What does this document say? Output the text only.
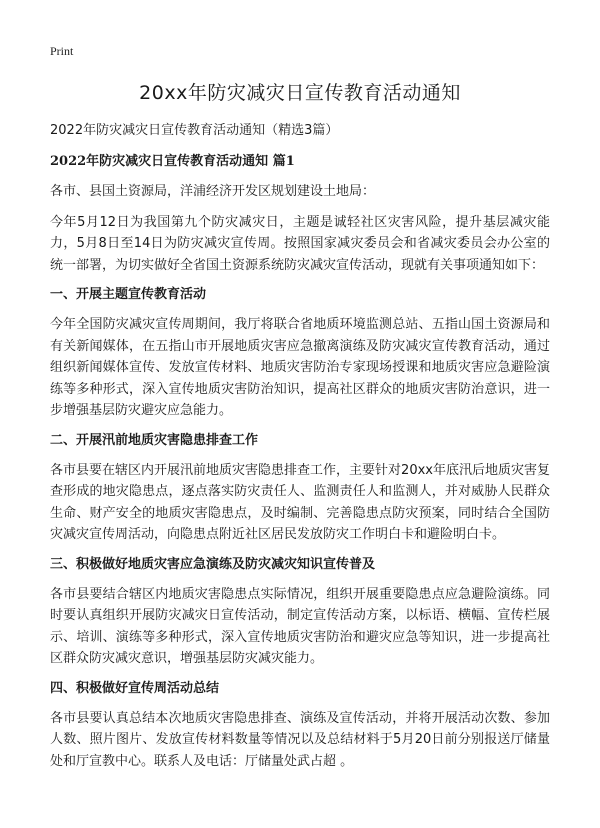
Print
20xx年防灾减灾日宣传教育活动通知

2022年防灾减灾日宣传教育活动通知（精选3篇）

2022年防灾减灾日宣传教育活动通知 篇1

各市、县国土资源局，洋浦经济开发区规划建设土地局：

今年5月12日为我国第九个防灾减灾日，主题是诚轻社区灾害风险，提升基层减灾能力，5月8日至14日为防灾减灾宣传周。按照国家减灾委员会和省减灾委员会办公室的统一部署，为切实做好全省国土资源系统防灾减灾宣传活动，现就有关事项通知如下：

一、开展主题宣传教育活动

今年全国防灾减灾宣传周期间，我厅将联合省地质环境监测总站、五指山国土资源局和有关新闻媒体，在五指山市开展地质灾害应急撤离演练及防灾减灾宣传教育活动，通过组织新闻媒体宣传、发放宣传材料、地质灾害防治专家现场授课和地质灾害应急避险演练等多种形式，深入宣传地质灾害防治知识，提高社区群众的地质灾害防治意识，进一步增强基层防灾避灾应急能力。

二、开展汛前地质灾害隐患排查工作

各市县要在辖区内开展汛前地质灾害隐患排查工作，主要针对20xx年底汛后地质灾害复查形成的地灾隐患点，逐点落实防灾责任人、监测责任人和监测人，并对威胁人民群众生命、财产安全的地质灾害隐患点，及时编制、完善隐患点防灾预案，同时结合全国防灾减灾宣传周活动，向隐患点附近社区居民发放防灾工作明白卡和避险明白卡。

三、积极做好地质灾害应急演练及防灾减灾知识宣传普及

各市县要结合辖区内地质灾害隐患点实际情况，组织开展重要隐患点应急避险演练。同时要认真组织开展防灾减灾日宣传活动，制定宣传活动方案，以标语、横幅、宣传栏展示、培训、演练等多种形式，深入宣传地质灾害防治和避灾应急等知识，进一步提高社区群众防灾减灾意识，增强基层防灾减灾能力。

四、积极做好宣传周活动总结

各市县要认真总结本次地质灾害隐患排查、演练及宣传活动，并将开展活动次数、参加人数、照片图片、发放宣传材料数量等情况以及总结材料于5月20日前分别报送厅储量处和厅宣教中心。联系人及电话：厅储量处武占超 。
